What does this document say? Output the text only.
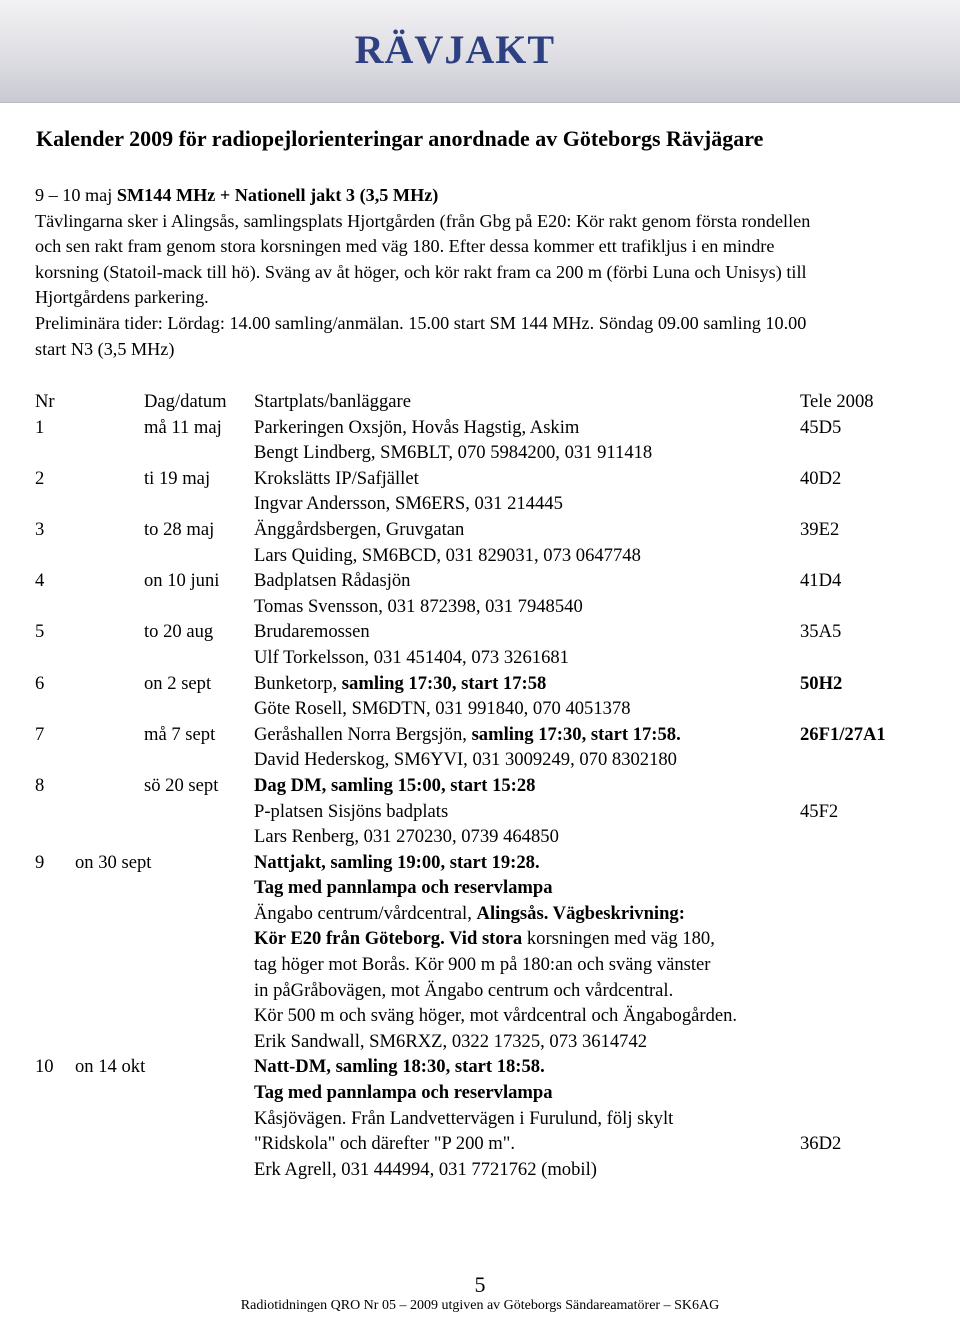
RÄVJAKT
Kalender 2009 för radiopejlorienteringar anordnade av Göteborgs Rävjägare
9 – 10 maj SM144 MHz + Nationell jakt 3 (3,5 MHz)
Tävlingarna sker i Alingsås, samlingsplats Hjortgården (från Gbg på E20: Kör rakt genom första rondellen
och sen rakt fram genom stora korsningen med väg 180. Efter dessa kommer ett trafikljus i en mindre
korsning (Statoil-mack till hö). Sväng av åt höger, och kör rakt fram ca 200 m (förbi Luna och Unisys) till
Hjortgårdens parkering.
Preliminära tider: Lördag: 14.00 samling/anmälan. 15.00 start SM 144 MHz. Söndag 09.00 samling 10.00
start N3 (3,5 MHz)
Nr	Dag/datum Startplats/banläggare	Tele 2008
1	må 11 maj Parkeringen Oxsjön, Hovås Hagstig, Askim	45D5
Bengt Lindberg, SM6BLT, 070 5984200, 031 911418
2	ti 19 maj Krokslätts IP/Safjället	40D2
Ingvar Andersson, SM6ERS, 031 214445
3	to 28 maj Änggårdsbergen, Gruvgatan	39E2
Lars Quiding, SM6BCD, 031 829031, 073 0647748
4	on 10 juni Badplatsen Rådasjön	41D4
Tomas Svensson, 031 872398, 031 7948540
5	to 20 aug Brudaremossen	35A5
Ulf Torkelsson, 031 451404, 073 3261681
6	on 2 sept Bunketorp, samling 17:30, start 17:58	50H2
Göte Rosell, SM6DTN, 031 991840, 070 4051378
7	må 7 sept Geråshallen Norra Bergsjön, samling 17:30, start 17:58.	26F1/27A1
David Hederskog, SM6YVI, 031 3009249, 070 8302180
8	sö 20 sept Dag DM, samling 15:00, start 15:28
P-platsen Sisjöns badplats	45F2
Lars Renberg, 031 270230, 0739 464850
9 on 30 sept	Nattjakt, samling 19:00, start 19:28.
Tag med pannlampa och reservlampa
Ängabo centrum/vårdcentral, Alingsås. Vägbeskrivning:
Kör E20 från Göteborg. Vid stora korsningen med väg 180,
tag höger mot Borås. Kör 900 m på 180:an och sväng vänster
in påGråbovägen, mot Ängabo centrum och vårdcentral.
Kör 500 m och sväng höger, mot vårdcentral och Ängabogården.
Erik Sandwall, SM6RXZ, 0322 17325, 073 3614742
10 on 14 okt	Natt-DM, samling 18:30, start 18:58.
Tag med pannlampa och reservlampa
Kåsjövägen. Från Landvettervägen i Furulund, följ skylt
"Ridskola" och därefter "P 200 m".	36D2
Erk Agrell, 031 444994, 031 7721762 (mobil)
5
Radiotidningen QRO Nr 05 – 2009 utgiven av Göteborgs Sändareamatörer – SK6AG
